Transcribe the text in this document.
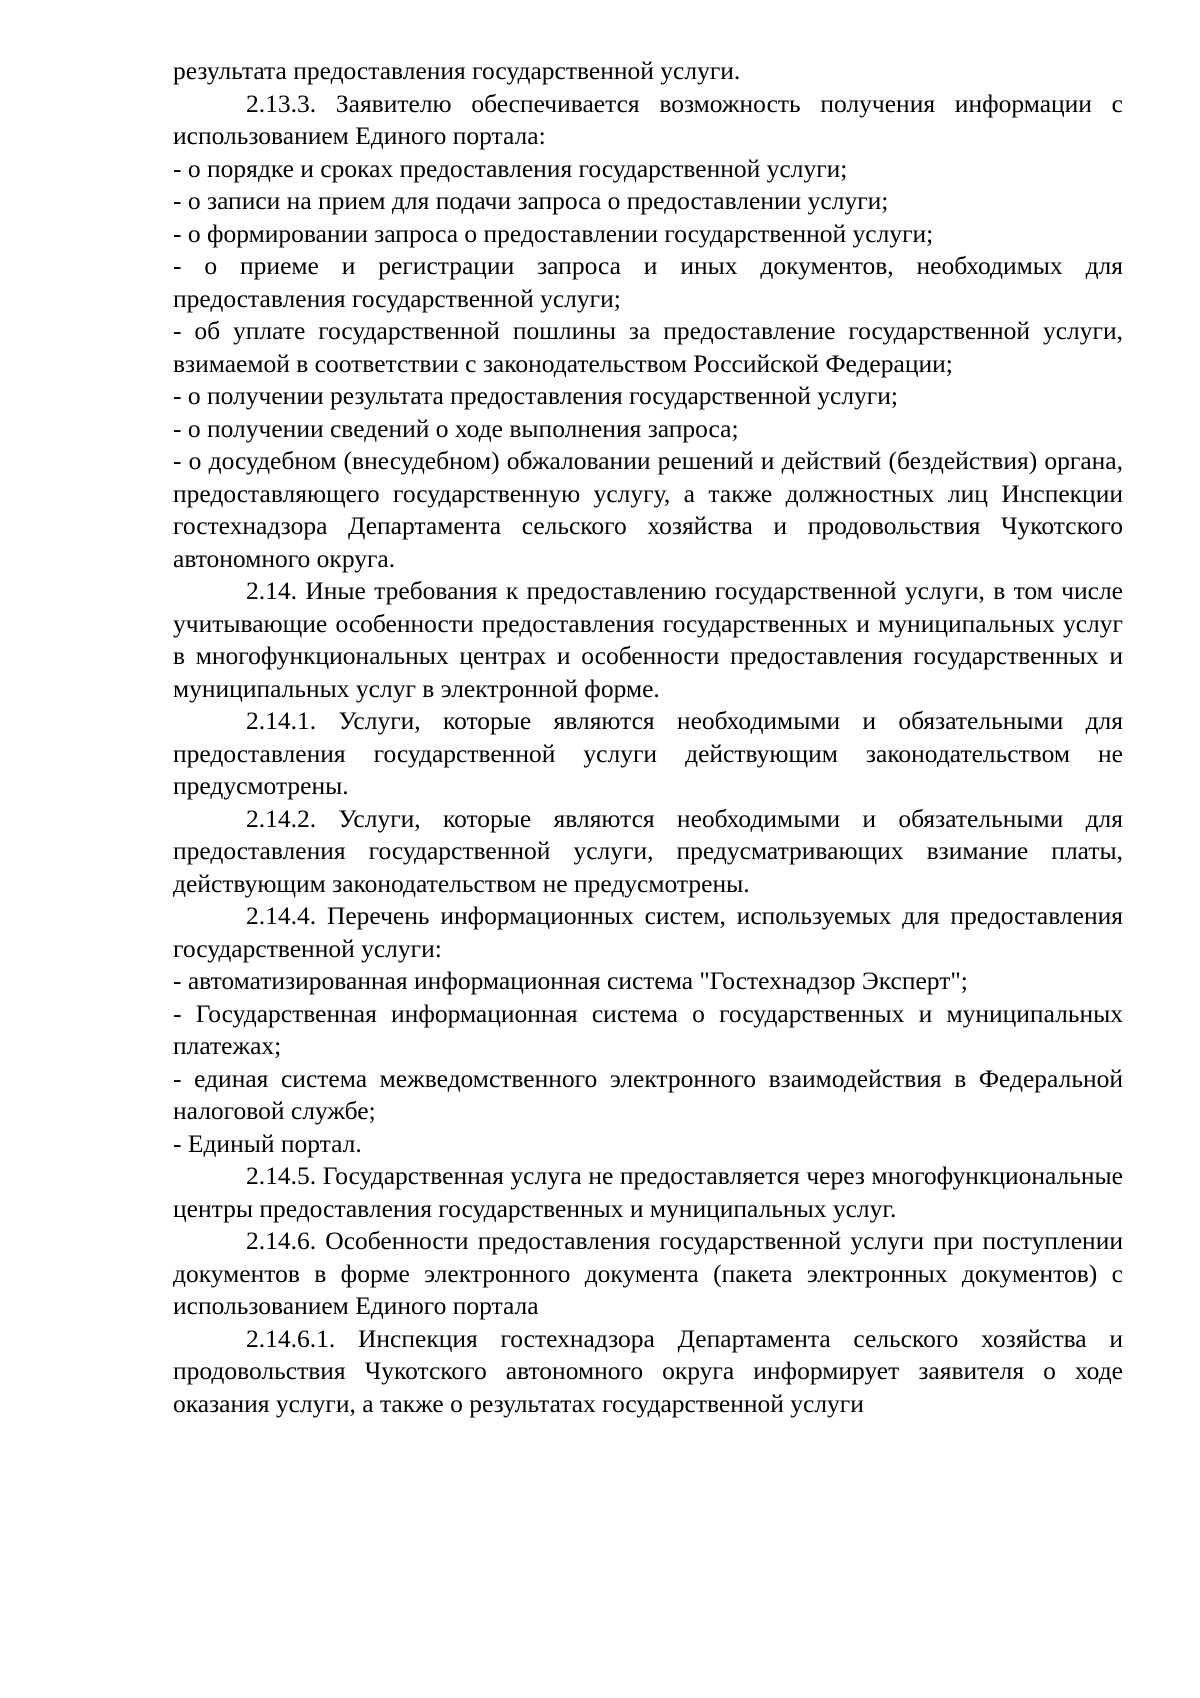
результата предоставления государственной услуги.

2.13.3. Заявителю обеспечивается возможность получения информации с использованием Единого портала:

- о порядке и сроках предоставления государственной услуги;

- о записи на прием для подачи запроса о предоставлении услуги;

- о формировании запроса о предоставлении государственной услуги;

- о приеме и регистрации запроса и иных документов, необходимых для предоставления государственной услуги;

- об уплате государственной пошлины за предоставление государственной услуги, взимаемой в соответствии с законодательством Российской Федерации;

- о получении результата предоставления государственной услуги;

- о получении сведений о ходе выполнения запроса;

- о досудебном (внесудебном) обжаловании решений и действий (бездействия) органа, предоставляющего государственную услугу, а также должностных лиц Инспекции гостехнадзора Департамента сельского хозяйства и продовольствия Чукотского автономного округа.

2.14. Иные требования к предоставлению государственной услуги, в том числе учитывающие особенности предоставления государственных и муниципальных услуг в многофункциональных центрах и особенности предоставления государственных и муниципальных услуг в электронной форме.

2.14.1. Услуги, которые являются необходимыми и обязательными для предоставления государственной услуги действующим законодательством не предусмотрены.

2.14.2. Услуги, которые являются необходимыми и обязательными для предоставления государственной услуги, предусматривающих взимание платы, действующим законодательством не предусмотрены.

2.14.4. Перечень информационных систем, используемых для предоставления государственной услуги:

- автоматизированная информационная система "Гостехнадзор Эксперт";

- Государственная информационная система о государственных и муниципальных платежах;

- единая система межведомственного электронного взаимодействия в Федеральной налоговой службе;

- Единый портал.

2.14.5. Государственная услуга не предоставляется через многофункциональные центры предоставления государственных и муниципальных услуг.

2.14.6. Особенности предоставления государственной услуги при поступлении документов в форме электронного документа (пакета электронных документов) с использованием Единого портала

2.14.6.1. Инспекция гостехнадзора Департамента сельского хозяйства и продовольствия Чукотского автономного округа информирует заявителя о ходе оказания услуги, а также о результатах государственной услуги
